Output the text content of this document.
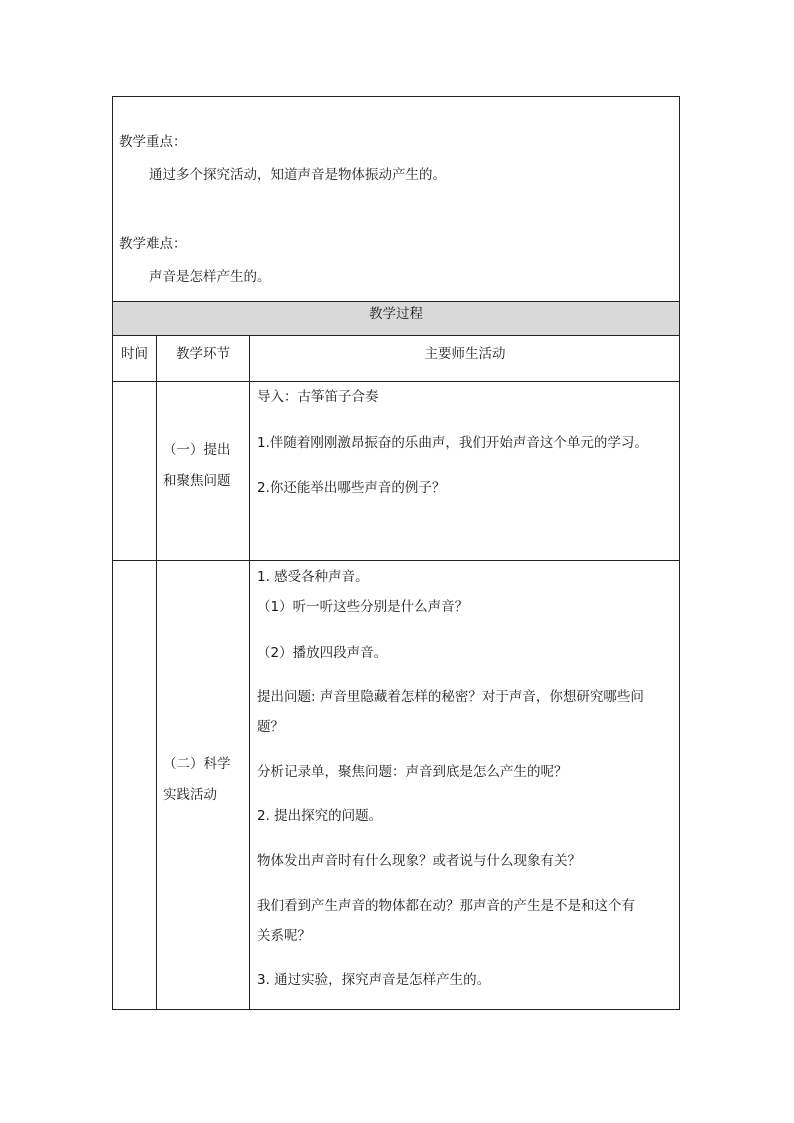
教学重点：
通过多个探究活动，知道声音是物体振动产生的。
教学难点：
声音是怎样产生的。
教学过程
时间	教学环节	主要师生活动
（一）提出
和聚焦问题
导入：古筝笛子合奏
1.伴随着刚刚激昂振奋的乐曲声，我们开始声音这个单元的学习。
2.你还能举出哪些声音的例子？
（二）科学
实践活动
1. 感受各种声音。
（1）听一听这些分别是什么声音？
（2）播放四段声音。
提出问题: 声音里隐藏着怎样的秘密？对于声音，你想研究哪些问
题？
分析记录单，聚焦问题：声音到底是怎么产生的呢？
2. 提出探究的问题。
物体发出声音时有什么现象？或者说与什么现象有关？
我们看到产生声音的物体都在动？那声音的产生是不是和这个有
关系呢？
3. 通过实验，探究声音是怎样产生的。
